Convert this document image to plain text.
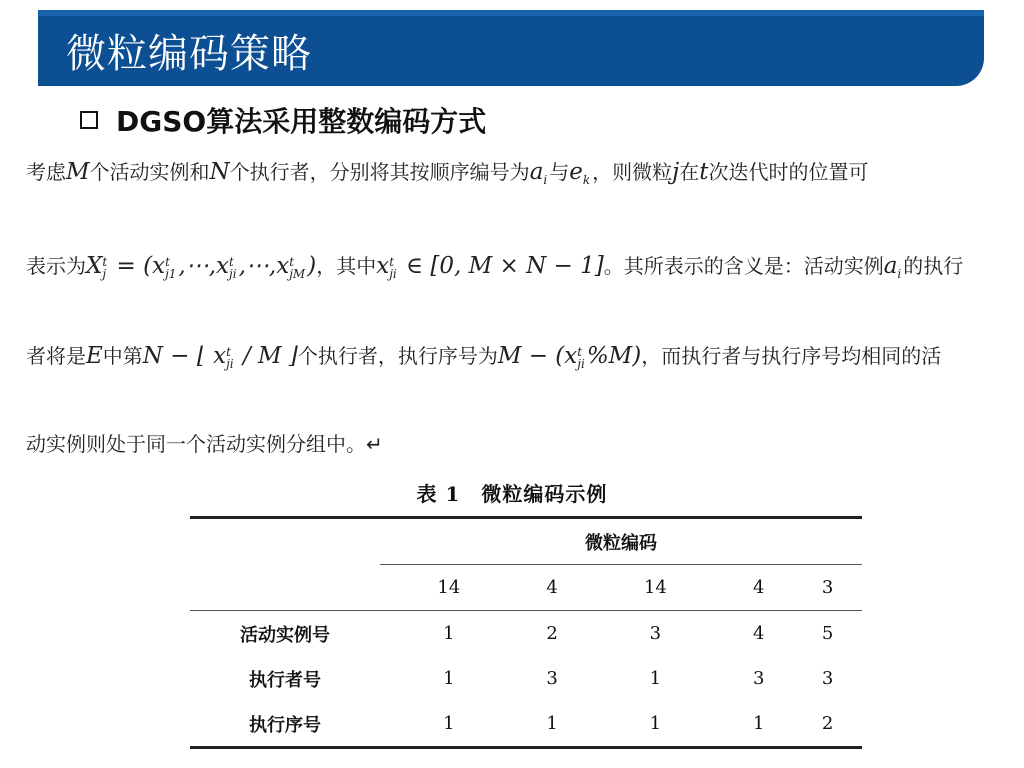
微粒编码策略
DGSO算法采用整数编码方式
考虑M个活动实例和N个执行者，分别将其按顺序编号为a
i 与e
k ，则微粒j在t次迭代时的位置可
表示为X t
j = (x t
j1 ,⋯,x t
ji ,⋯,x t
jM )，其中x t
ji ∈ [0, M × N − 1]。其所表示的含义是：活动实例a
i 的执行
者将是E中第N − ⌊ x t
ji / M ⌋个执行者，执行序号为M − (x t
ji %M)，而执行者与执行序号均相同的活
动实例则处于同一个活动实例分组中。↵
表 1　微粒编码示例
	微粒编码				
	14	4	14	4	3
活动实例号	1	2	3	4	5
执行者号	1	3	1	3	3
执行序号	1	1	1	1	2
